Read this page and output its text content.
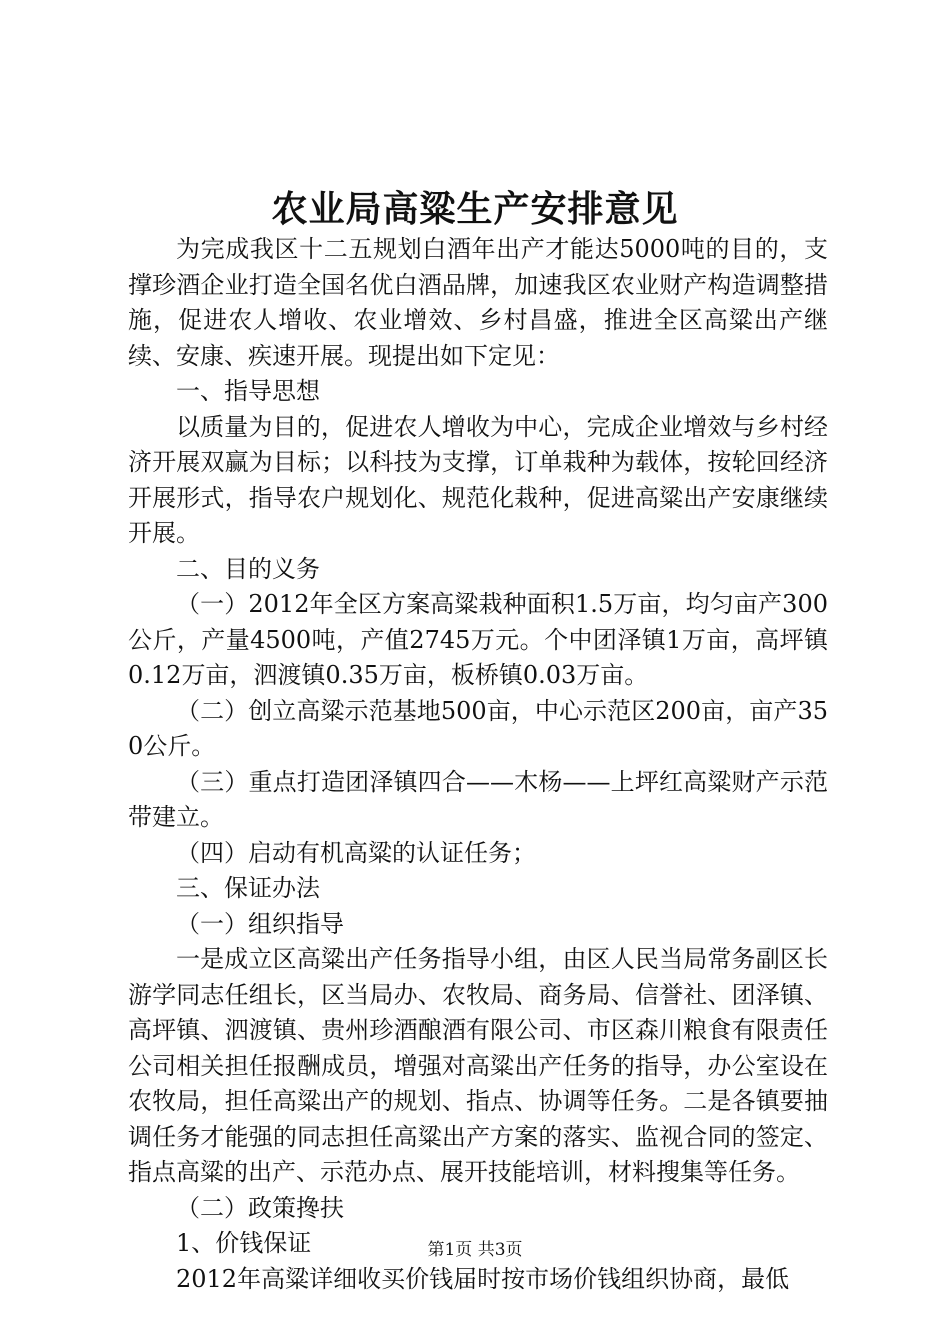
农业局高粱生产安排意见

为完成我区十二五规划白酒年出产才能达5000吨的目的，支撑珍酒企业打造全国名优白酒品牌，加速我区农业财产构造调整措施，促进农人增收、农业增效、乡村昌盛，推进全区高粱出产继续、安康、疾速开展。现提出如下定见：

一、指导思想

以质量为目的，促进农人增收为中心，完成企业增效与乡村经济开展双赢为目标；以科技为支撑，订单栽种为载体，按轮回经济开展形式，指导农户规划化、规范化栽种，促进高粱出产安康继续开展。

二、目的义务

（一）2012年全区方案高粱栽种面积1.5万亩，均匀亩产300公斤，产量4500吨，产值2745万元。个中团泽镇1万亩，高坪镇0.12万亩，泗渡镇0.35万亩，板桥镇0.03万亩。

（二）创立高粱示范基地500亩，中心示范区200亩，亩产350公斤。

（三）重点打造团泽镇四合——木杨——上坪红高粱财产示范带建立。

（四）启动有机高粱的认证任务；

三、保证办法

（一）组织指导

一是成立区高粱出产任务指导小组，由区人民当局常务副区长游学同志任组长，区当局办、农牧局、商务局、信誉社、团泽镇、高坪镇、泗渡镇、贵州珍酒酿酒有限公司、市区森川粮食有限责任公司相关担任报酬成员，增强对高粱出产任务的指导，办公室设在农牧局，担任高粱出产的规划、指点、协调等任务。二是各镇要抽调任务才能强的同志担任高粱出产方案的落实、监视合同的签定、指点高粱的出产、示范办点、展开技能培训，材料搜集等任务。

（二）政策搀扶

1、价钱保证

2012年高粱详细收买价钱届时按市场价钱组织协商，最低

第1页 共3页
